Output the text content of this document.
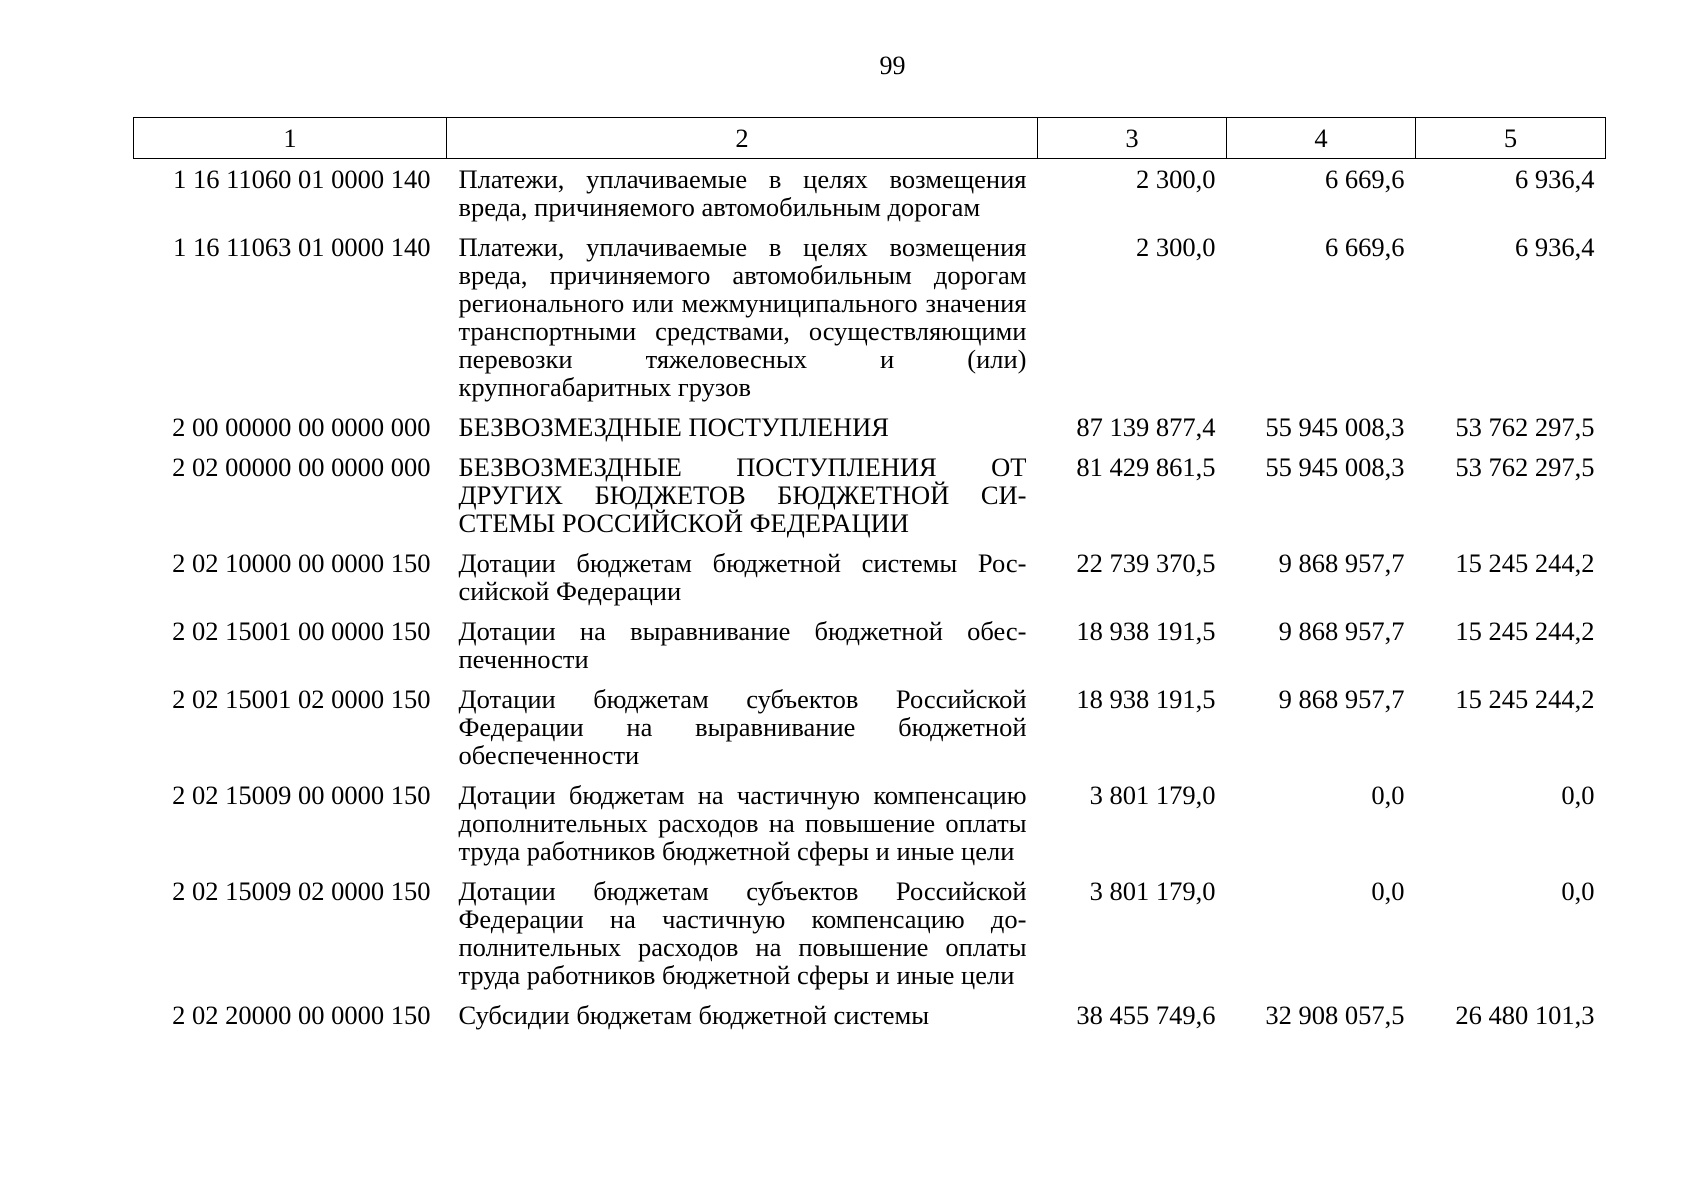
99
1	2	3	4	5
1 16 11060 01 0000 140	Платежи, уплачиваемые в целях возмещения вреда, причиняемого автомобильным дорогам	2 300,0	6 669,6	6 936,4
1 16 11063 01 0000 140	Платежи, уплачиваемые в целях возмещения вреда, причиняемого автомобильным дорогам регионального или межмуниципального значения транспортными средствами, осуществляющими перевозки тяжеловесных и (или) крупногабаритных грузов	2 300,0	6 669,6	6 936,4
2 00 00000 00 0000 000	БЕЗВОЗМЕЗДНЫЕ ПОСТУПЛЕНИЯ	87 139 877,4	55 945 008,3	53 762 297,5
2 02 00000 00 0000 000	БЕЗВОЗМЕЗДНЫЕ ПОСТУПЛЕНИЯ ОТ ДРУГИХ БЮДЖЕТОВ БЮДЖЕТНОЙ СИСТЕМЫ РОССИЙСКОЙ ФЕДЕРАЦИИ	81 429 861,5	55 945 008,3	53 762 297,5
2 02 10000 00 0000 150	Дотации бюджетам бюджетной системы Российской Федерации	22 739 370,5	9 868 957,7	15 245 244,2
2 02 15001 00 0000 150	Дотации на выравнивание бюджетной обеспеченности	18 938 191,5	9 868 957,7	15 245 244,2
2 02 15001 02 0000 150	Дотации бюджетам субъектов Российской Федерации на выравнивание бюджетной обеспеченности	18 938 191,5	9 868 957,7	15 245 244,2
2 02 15009 00 0000 150	Дотации бюджетам на частичную компенсацию дополнительных расходов на повышение оплаты труда работников бюджетной сферы и иные цели	3 801 179,0	0,0	0,0
2 02 15009 02 0000 150	Дотации бюджетам субъектов Российской Федерации на частичную компенсацию дополнительных расходов на повышение оплаты труда работников бюджетной сферы и иные цели	3 801 179,0	0,0	0,0
2 02 20000 00 0000 150	Субсидии бюджетам бюджетной системы	38 455 749,6	32 908 057,5	26 480 101,3
